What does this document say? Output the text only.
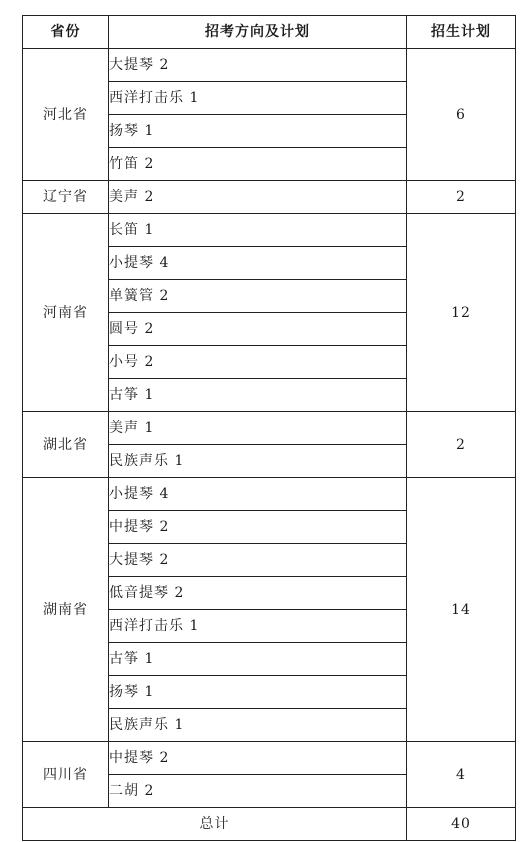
省份	招考方向及计划	招生计划
河北省	大提琴 2	6
	西洋打击乐 1	
	扬琴 1	
	竹笛 2	
辽宁省	美声 2	2
河南省	长笛 1	12
	小提琴 4	
	单簧管 2	
	圆号 2	
	小号 2	
	古筝 1	
湖北省	美声 1	2
	民族声乐 1	
湖南省	小提琴 4	14
	中提琴 2	
	大提琴 2	
	低音提琴 2	
	西洋打击乐 1	
	古筝 1	
	扬琴 1	
	民族声乐 1	
四川省	中提琴 2	4
	二胡 2	
总计		40
